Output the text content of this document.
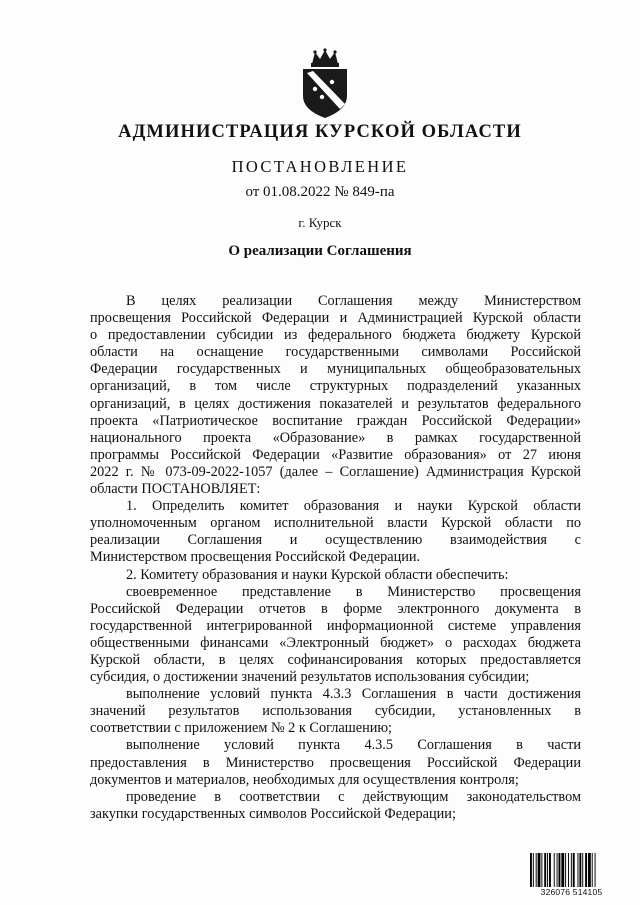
АДМИНИСТРАЦИЯ КУРСКОЙ ОБЛАСТИ
ПОСТАНОВЛЕНИЕ
от 01.08.2022 № 849-па
г. Курск
О реализации Соглашения
В целях реализации Соглашения между Министерством
просвещения Российской Федерации и Администрацией Курской области
о предоставлении субсидии из федерального бюджета бюджету Курской
области на оснащение государственными символами Российской
Федерации государственных и муниципальных общеобразовательных
организаций, в том числе структурных подразделений указанных
организаций, в целях достижения показателей и результатов федерального
проекта «Патриотическое воспитание граждан Российской Федерации»
национального проекта «Образование» в рамках государственной
программы Российской Федерации «Развитие образования» от 27 июня
2022 г. № 073-09-2022-1057 (далее – Соглашение) Администрация Курской
области ПОСТАНОВЛЯЕТ:
1. Определить комитет образования и науки Курской области
уполномоченным органом исполнительной власти Курской области по
реализации Соглашения и осуществлению взаимодействия с
Министерством просвещения Российской Федерации.
2. Комитету образования и науки Курской области обеспечить:
своевременное представление в Министерство просвещения
Российской Федерации отчетов в форме электронного документа в
государственной интегрированной информационной системе управления
общественными финансами «Электронный бюджет» о расходах бюджета
Курской области, в целях софинансирования которых предоставляется
субсидия, о достижении значений результатов использования субсидии;
выполнение условий пункта 4.3.3 Соглашения в части достижения
значений результатов использования субсидии, установленных в
соответствии с приложением № 2 к Соглашению;
выполнение условий пункта 4.3.5 Соглашения в части
предоставления в Министерство просвещения Российской Федерации
документов и материалов, необходимых для осуществления контроля;
проведение в соответствии с действующим законодательством
закупки государственных символов Российской Федерации;
326076 514105
